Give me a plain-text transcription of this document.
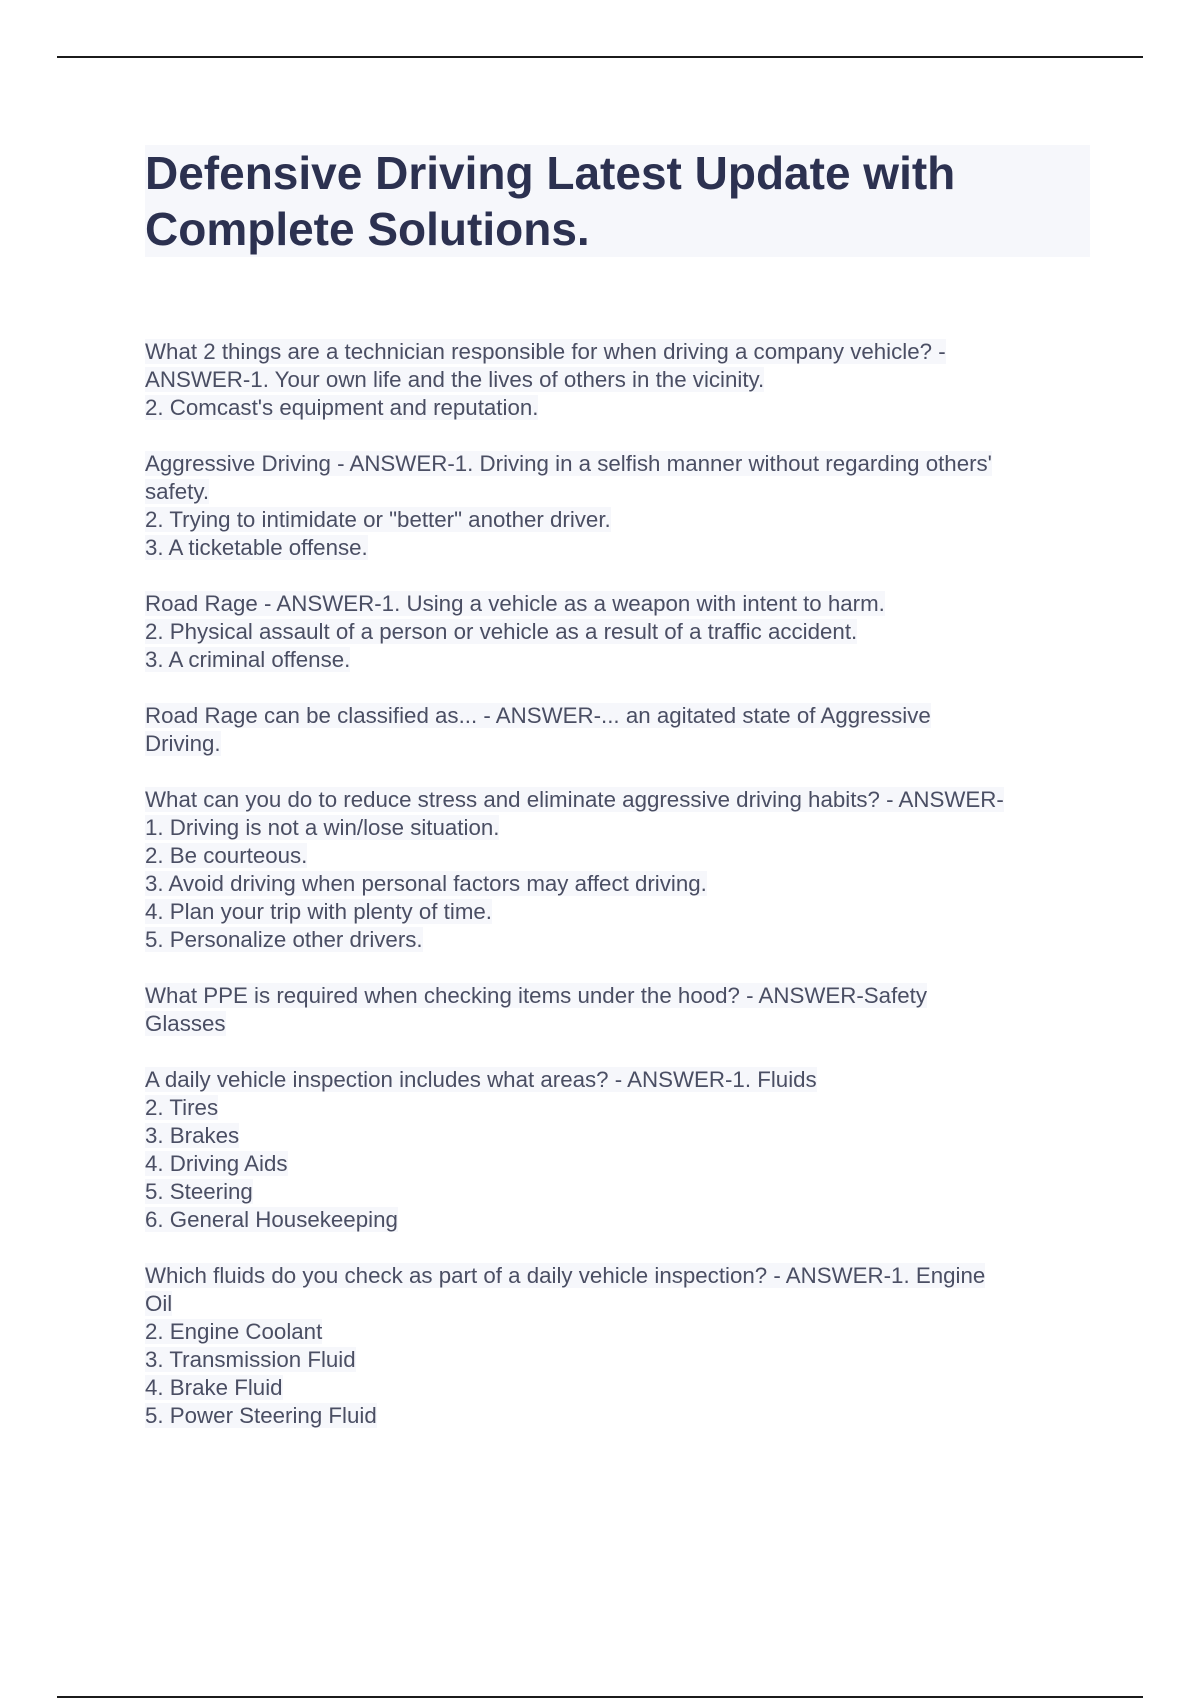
Defensive Driving Latest Update with Complete Solutions.
What 2 things are a technician responsible for when driving a company vehicle? -
ANSWER-1. Your own life and the lives of others in the vicinity.
2. Comcast's equipment and reputation.
Aggressive Driving - ANSWER-1. Driving in a selfish manner without regarding others'
safety.
2. Trying to intimidate or "better" another driver.
3. A ticketable offense.
Road Rage - ANSWER-1. Using a vehicle as a weapon with intent to harm.
2. Physical assault of a person or vehicle as a result of a traffic accident.
3. A criminal offense.
Road Rage can be classified as... - ANSWER-... an agitated state of Aggressive
Driving.
What can you do to reduce stress and eliminate aggressive driving habits? - ANSWER-
1. Driving is not a win/lose situation.
2. Be courteous.
3. Avoid driving when personal factors may affect driving.
4. Plan your trip with plenty of time.
5. Personalize other drivers.
What PPE is required when checking items under the hood? - ANSWER-Safety
Glasses
A daily vehicle inspection includes what areas? - ANSWER-1. Fluids
2. Tires
3. Brakes
4. Driving Aids
5. Steering
6. General Housekeeping
Which fluids do you check as part of a daily vehicle inspection? - ANSWER-1. Engine
Oil
2. Engine Coolant
3. Transmission Fluid
4. Brake Fluid
5. Power Steering Fluid
